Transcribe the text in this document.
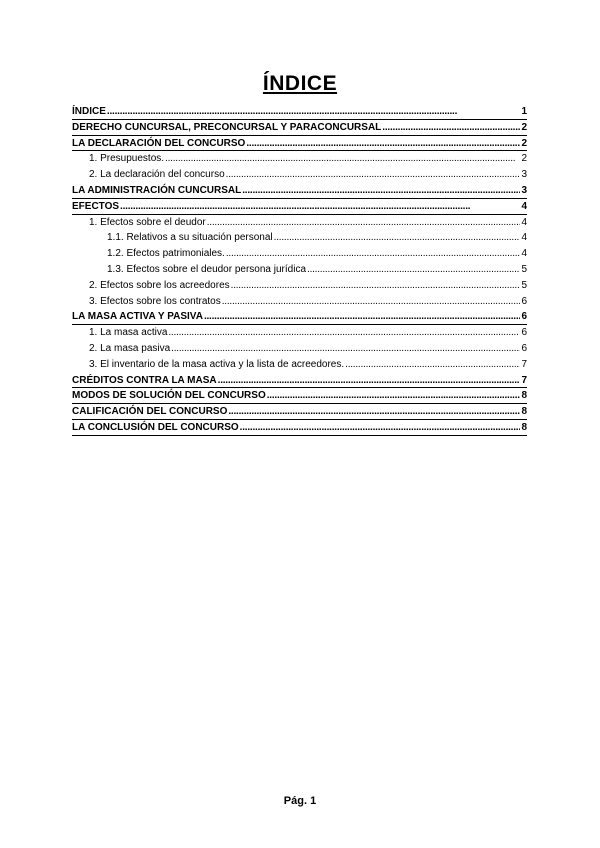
ÍNDICE
ÍNDICE . . .	1
DERECHO CUNCURSAL, PRECONCURSAL Y PARACONCURSAL . . .	2
LA DECLARACIÓN DEL CONCURSO . . .	2
1. Presupuestos. . . .	2
2. La declaración del concurso . . .	3
LA ADMINISTRACIÓN CUNCURSAL . . .	3
EFECTOS . . .	4
1. Efectos sobre el deudor . . .	4
1.1. Relativos a su situación personal . . .	4
1.2. Efectos patrimoniales. . . .	4
1.3. Efectos sobre el deudor persona jurídica . . .	5
2. Efectos sobre los acreedores . . .	5
3. Efectos sobre los contratos . . .	6
LA MASA ACTIVA Y PASIVA . . .	6
1. La masa activa . . .	6
2. La masa pasiva . . .	6
3. El inventario de la masa activa y la lista de acreedores. . . .	7
CRÉDITOS CONTRA LA MASA . . .	7
MODOS DE SOLUCIÓN DEL CONCURSO . . .	8
CALIFICACIÓN DEL CONCURSO . . .	8
LA CONCLUSIÓN DEL CONCURSO . . .	8
Pág. 1
